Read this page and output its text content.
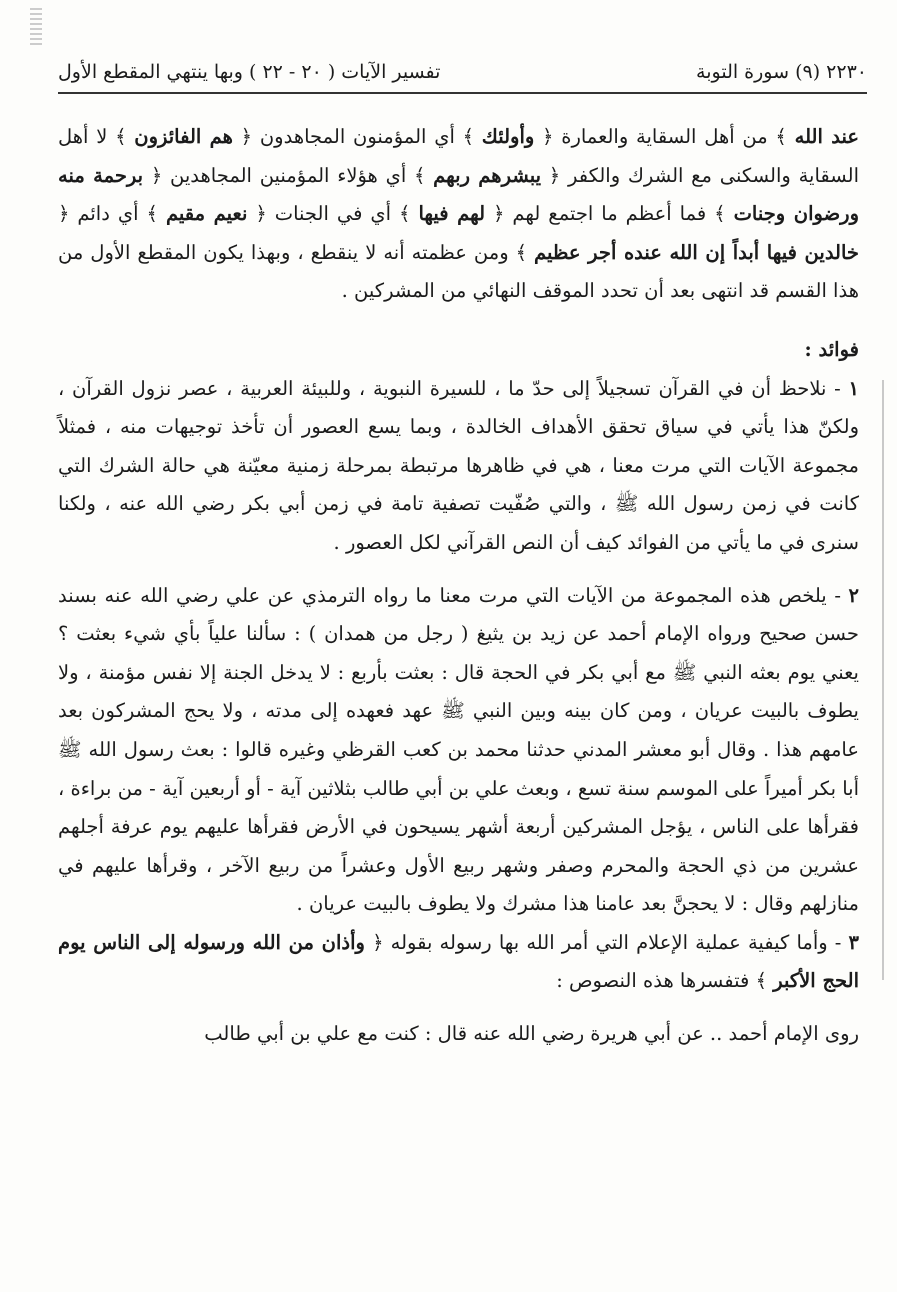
٢٢٣٠ (٩) سورة التوبة
تفسير الآيات ( ٢٠ - ٢٢ ) وبها ينتهي المقطع الأول

عند الله ﴾ من أهل السقاية والعمارة ﴿ وأولئك ﴾ أي المؤمنون المجاهدون ﴿ هم الفائزون ﴾ لا أهل السقاية والسكنى مع الشرك والكفر ﴿ يبشرهم ربهم ﴾ أي هؤلاء المؤمنين المجاهدين ﴿ برحمة منه ورضوان وجنات ﴾ فما أعظم ما اجتمع لهم ﴿ لهم فيها ﴾ أي في الجنات ﴿ نعيم مقيم ﴾ أي دائم ﴿ خالدين فيها أبداً إن الله عنده أجر عظيم ﴾ ومن عظمته أنه لا ينقطع ، وبهذا يكون المقطع الأول من هذا القسم قد انتهى بعد أن تحدد الموقف النهائي من المشركين .

فوائد :

١ - نلاحظ أن في القرآن تسجيلاً إلى حدّ ما ، للسيرة النبوية ، وللبيئة العربية ، عصر نزول القرآن ، ولكنّ هذا يأتي في سياق تحقق الأهداف الخالدة ، وبما يسع العصور أن تأخذ توجيهات منه ، فمثلاً مجموعة الآيات التي مرت معنا ، هي في ظاهرها مرتبطة بمرحلة زمنية معيّنة هي حالة الشرك التي كانت في زمن رسول الله ﷺ ، والتي صُفّيت تصفية تامة في زمن أبي بكر رضي الله عنه ، ولكنا سنرى في ما يأتي من الفوائد كيف أن النص القرآني لكل العصور .

٢ - يلخص هذه المجموعة من الآيات التي مرت معنا ما رواه الترمذي عن علي رضي الله عنه بسند حسن صحيح ورواه الإمام أحمد عن زيد بن يثيغ ( رجل من همدان ) : سألنا علياً بأي شيء بعثت ؟ يعني يوم بعثه النبي ﷺ مع أبي بكر في الحجة قال : بعثت بأربع : لا يدخل الجنة إلا نفس مؤمنة ، ولا يطوف بالبيت عريان ، ومن كان بينه وبين النبي ﷺ عهد فعهده إلى مدته ، ولا يحج المشركون بعد عامهم هذا . وقال أبو معشر المدني حدثنا محمد بن كعب القرظي وغيره قالوا : بعث رسول الله ﷺ أبا بكر أميراً على الموسم سنة تسع ، وبعث علي بن أبي طالب بثلاثين آية - أو أربعين آية - من براءة ، فقرأها على الناس ، يؤجل المشركين أربعة أشهر يسيحون في الأرض فقرأها عليهم يوم عرفة أجلهم عشرين من ذي الحجة والمحرم وصفر وشهر ربيع الأول وعشراً من ربيع الآخر ، وقرأها عليهم في منازلهم وقال : لا يحجنَّ بعد عامنا هذا مشرك ولا يطوف بالبيت عريان .

٣ - وأما كيفية عملية الإعلام التي أمر الله بها رسوله بقوله ﴿ وأذان من الله ورسوله إلى الناس يوم الحج الأكبر ﴾ فتفسرها هذه النصوص :

روى الإمام أحمد .. عن أبي هريرة رضي الله عنه قال : كنت مع علي بن أبي طالب
